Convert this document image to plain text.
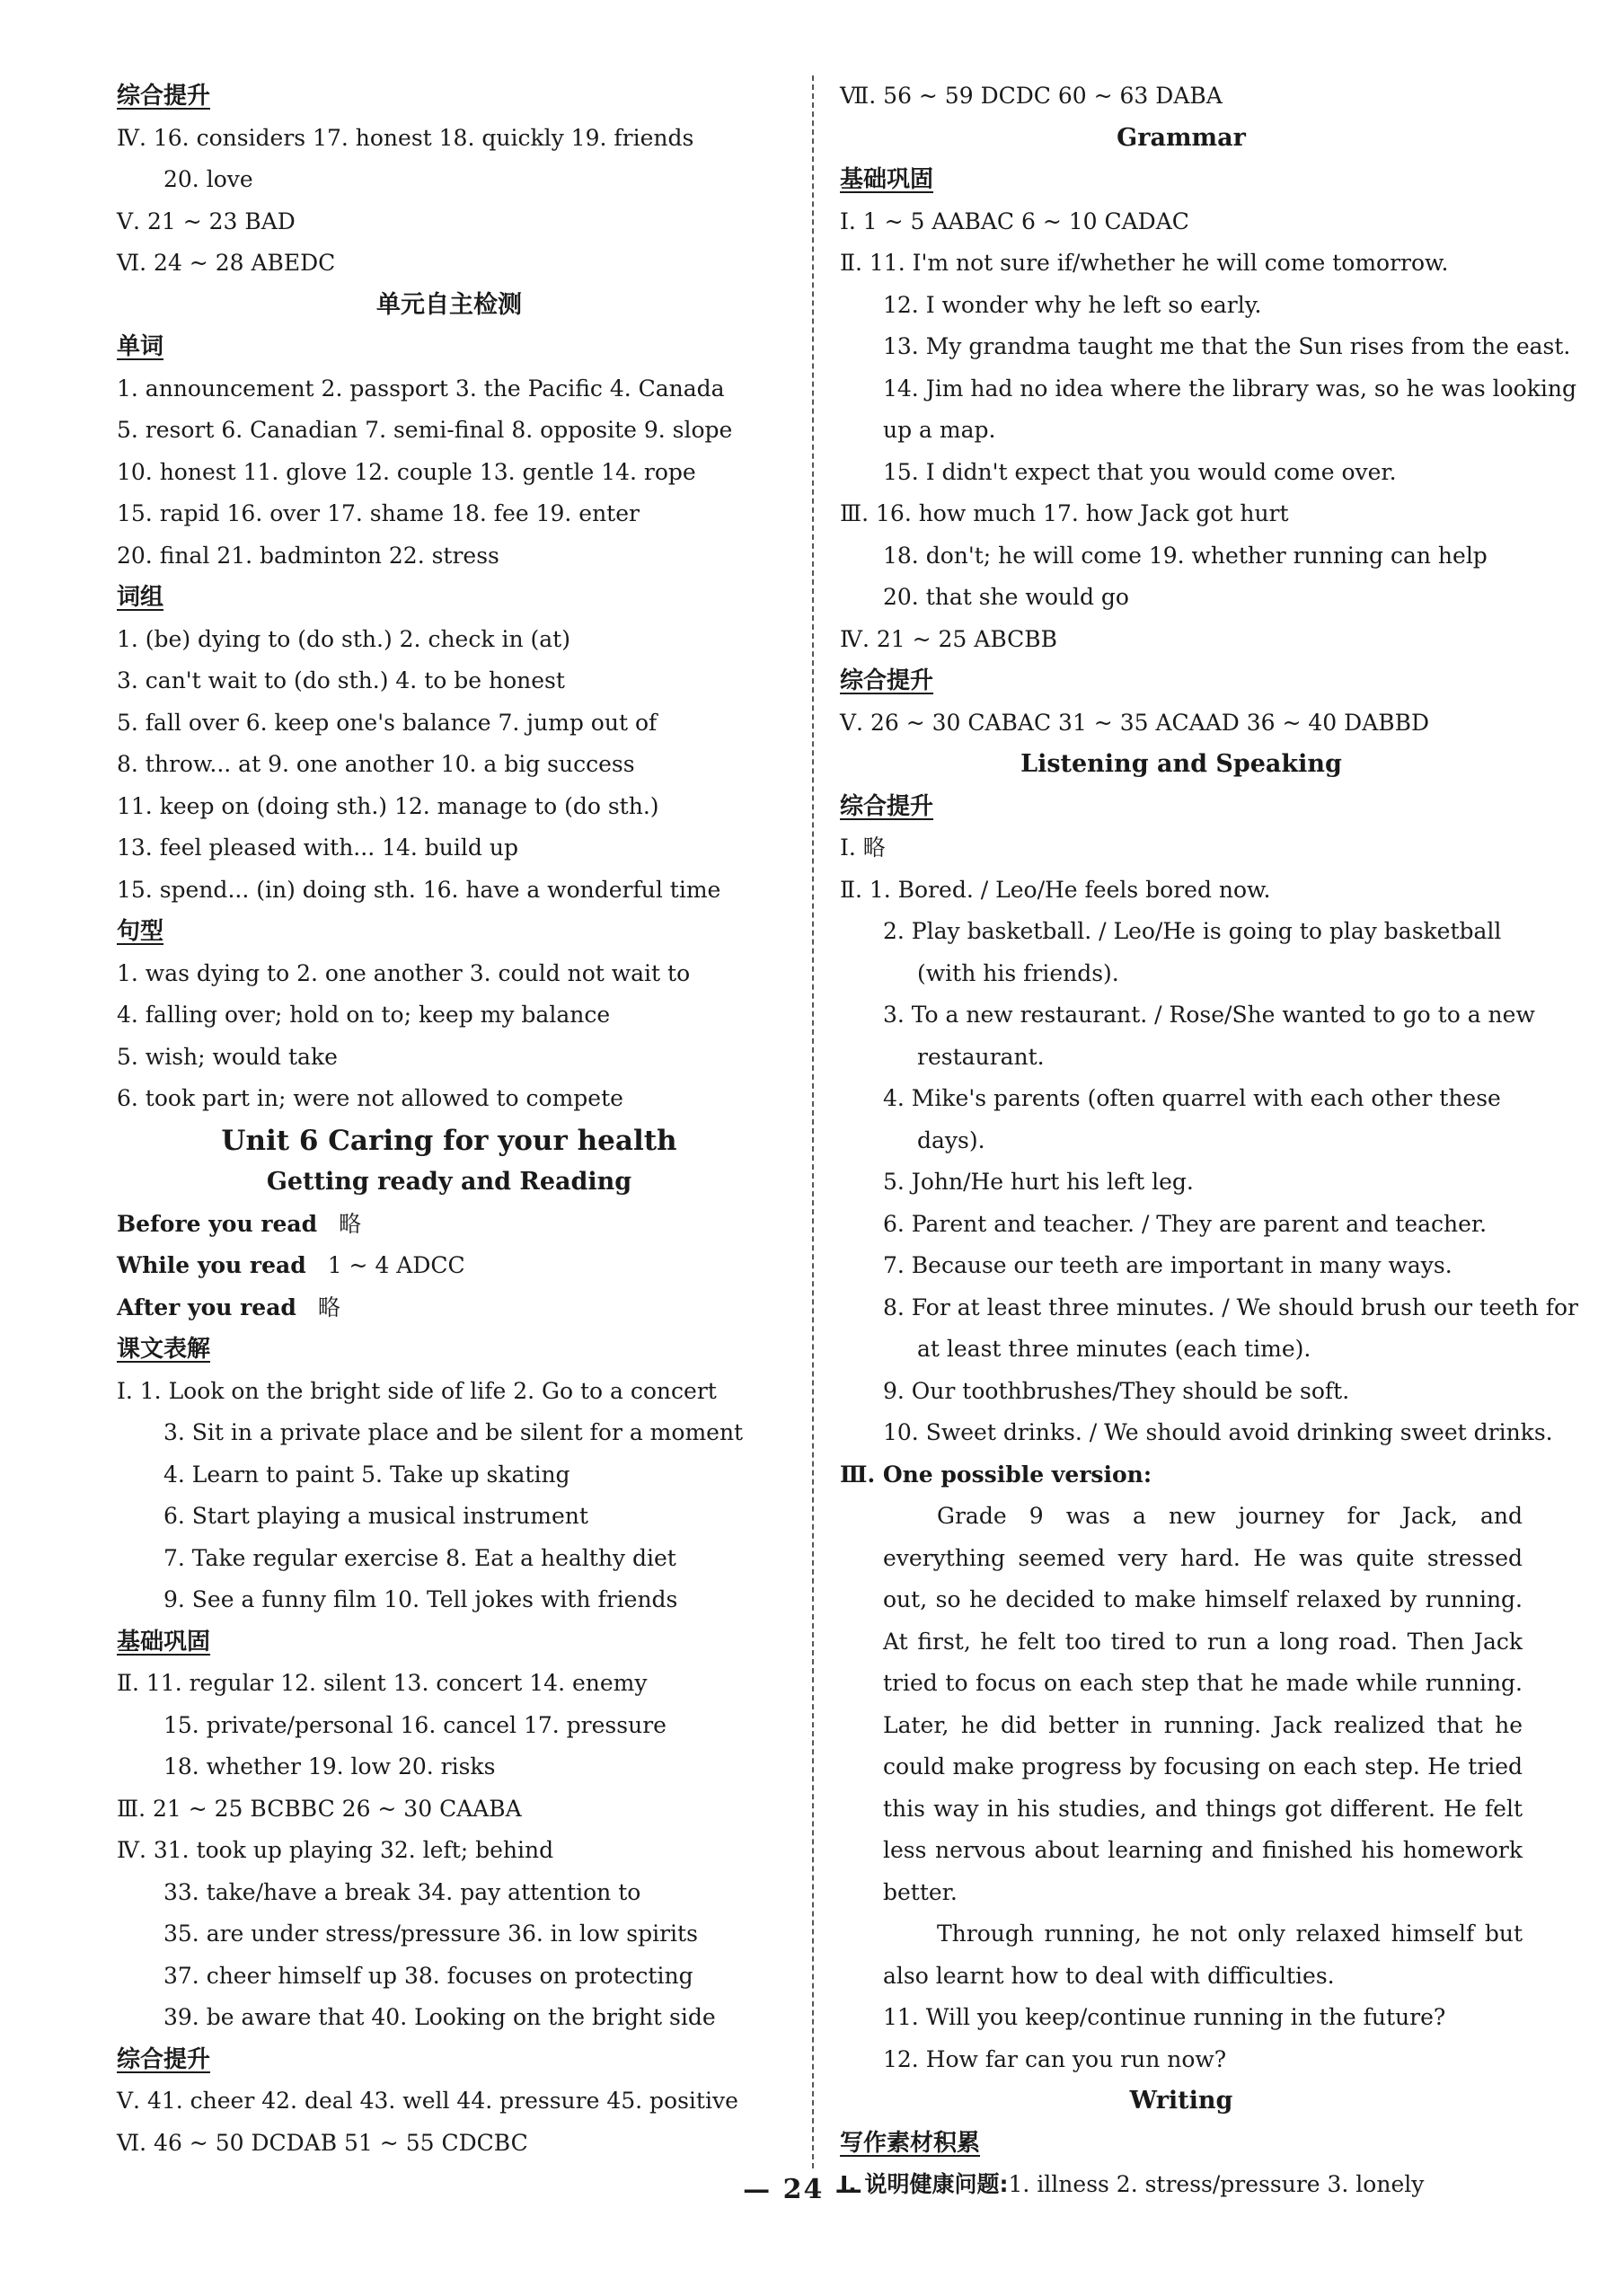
综合提升
Ⅳ. 16. considers 17. honest 18. quickly 19. friends
20. love
Ⅴ. 21 ~ 23 BAD
Ⅵ. 24 ~ 28 ABEDC
单元自主检测
单词
1. announcement 2. passport 3. the Pacific 4. Canada
5. resort 6. Canadian 7. semi-final 8. opposite 9. slope
10. honest 11. glove 12. couple 13. gentle 14. rope
15. rapid 16. over 17. shame 18. fee 19. enter
20. final 21. badminton 22. stress
词组
1. (be) dying to (do sth.) 2. check in (at)
3. can't wait to (do sth.) 4. to be honest
5. fall over 6. keep one's balance 7. jump out of
8. throw... at 9. one another 10. a big success
11. keep on (doing sth.) 12. manage to (do sth.)
13. feel pleased with... 14. build up
15. spend... (in) doing sth. 16. have a wonderful time
句型
1. was dying to 2. one another 3. could not wait to
4. falling over; hold on to; keep my balance
5. wish; would take
6. took part in; were not allowed to compete
Unit 6 Caring for your health
Getting ready and Reading
Before you read 略
While you read 1 ~ 4 ADCC
After you read 略
课文表解
Ⅰ. 1. Look on the bright side of life 2. Go to a concert
3. Sit in a private place and be silent for a moment
4. Learn to paint 5. Take up skating
6. Start playing a musical instrument
7. Take regular exercise 8. Eat a healthy diet
9. See a funny film 10. Tell jokes with friends
基础巩固
Ⅱ. 11. regular 12. silent 13. concert 14. enemy
15. private/personal 16. cancel 17. pressure
18. whether 19. low 20. risks
Ⅲ. 21 ~ 25 BCBBC 26 ~ 30 CAABA
Ⅳ. 31. took up playing 32. left; behind
33. take/have a break 34. pay attention to
35. are under stress/pressure 36. in low spirits
37. cheer himself up 38. focuses on protecting
39. be aware that 40. Looking on the bright side
综合提升
Ⅴ. 41. cheer 42. deal 43. well 44. pressure 45. positive
Ⅵ. 46 ~ 50 DCDAB 51 ~ 55 CDCBC
Ⅶ. 56 ~ 59 DCDC 60 ~ 63 DABA
Grammar
基础巩固
Ⅰ. 1 ~ 5 AABAC 6 ~ 10 CADAC
Ⅱ. 11. I'm not sure if/whether he will come tomorrow.
12. I wonder why he left so early.
13. My grandma taught me that the Sun rises from the east.
14. Jim had no idea where the library was, so he was looking
up a map.
15. I didn't expect that you would come over.
Ⅲ. 16. how much 17. how Jack got hurt
18. don't; he will come 19. whether running can help
20. that she would go
Ⅳ. 21 ~ 25 ABCBB
综合提升
Ⅴ. 26 ~ 30 CABAC 31 ~ 35 ACAAD 36 ~ 40 DABBD
Listening and Speaking
综合提升
Ⅰ. 略
Ⅱ. 1. Bored. / Leo/He feels bored now.
2. Play basketball. / Leo/He is going to play basketball
(with his friends).
3. To a new restaurant. / Rose/She wanted to go to a new
restaurant.
4. Mike's parents (often quarrel with each other these
days).
5. John/He hurt his left leg.
6. Parent and teacher. / They are parent and teacher.
7. Because our teeth are important in many ways.
8. For at least three minutes. / We should brush our teeth for
at least three minutes (each time).
9. Our toothbrushes/They should be soft.
10. Sweet drinks. / We should avoid drinking sweet drinks.
Ⅲ. One possible version:
Grade 9 was a new journey for Jack, and everything seemed very hard. He was quite stressed out, so he decided to make himself relaxed by running. At first, he felt too tired to run a long road. Then Jack tried to focus on each step that he made while running. Later, he did better in running. Jack realized that he could make progress by focusing on each step. He tried this way in his studies, and things got different. He felt less nervous about learning and finished his homework better.
Through running, he not only relaxed himself but also learnt how to deal with difficulties.
11. Will you keep/continue running in the future?
12. How far can you run now?
Writing
写作素材积累
Ⅰ. 说明健康问题:1. illness 2. stress/pressure 3. lonely
— 24 —
